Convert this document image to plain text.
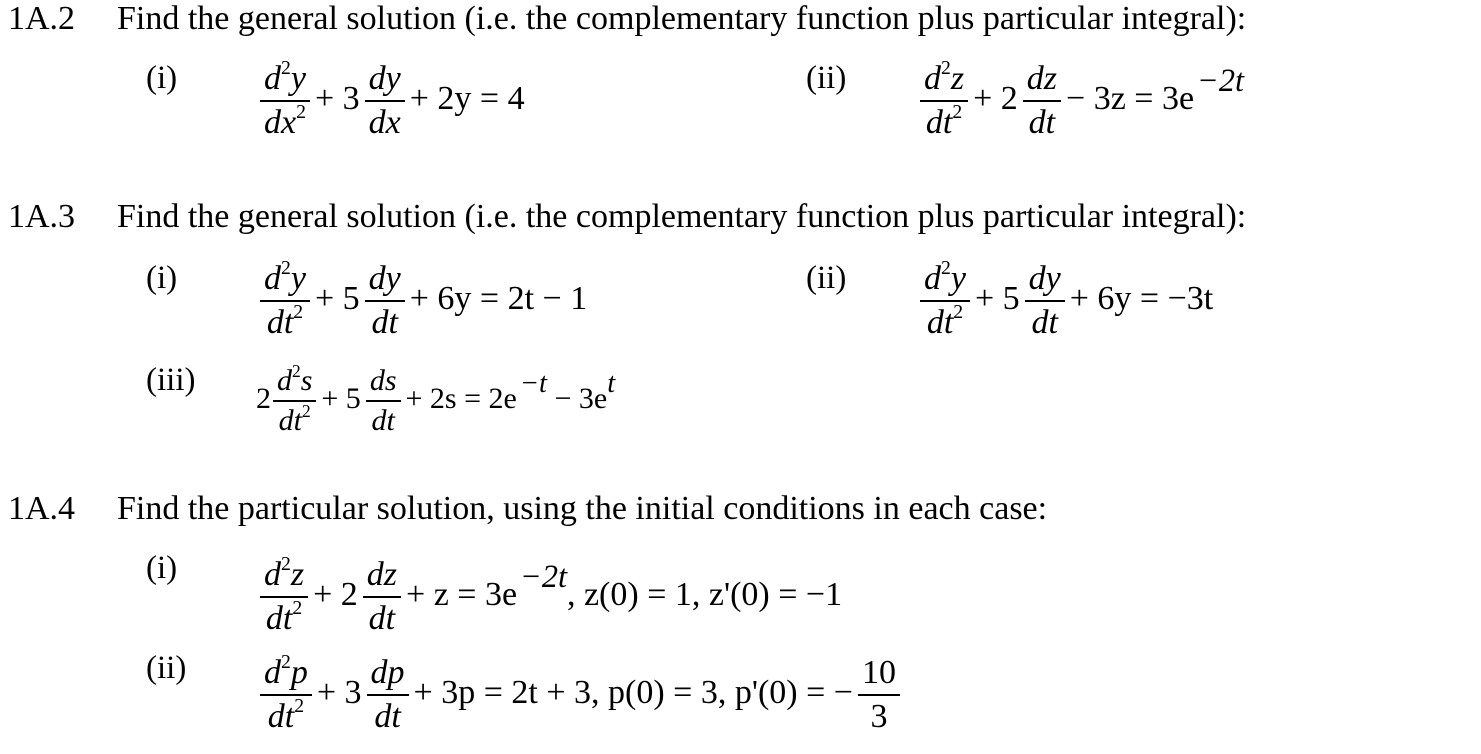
1A.2 Find the general solution (i.e. the complementary function plus particular integral):
$(i) \frac{d^2y}{dx^2} + 3 \frac{dy}{dx} + 2y = 4$
$(ii) \frac{d^2z}{dt^2} + 2 \frac{dz}{dt} - 3z = 3e^{-2t}$
1A.3 Find the general solution (i.e. the complementary function plus particular integral):
$(i) \frac{d^2y}{dt^2} + 5 \frac{dy}{dt} + 6y = 2t - 1$
$(ii) \frac{d^2y}{dt^2} + 5 \frac{dy}{dt} + 6y = -3t$
(iii)
$2 \frac{d^2s}{dt^2} + 5 \frac{ds}{dt} + 2s = 2e$ $^{-t} - 3e^t$
1A.4 Find the particular solution, using the initial conditions in each case:
$(i) \frac{d^2z}{dt^2} + 2 \frac{dz}{dt} + z = 3e^{-2t}$, z(0) = 1, z'(0) = −1
$(ii) \frac{d^2p}{dt^2} + 3 \frac{dp}{dt} + 3p = 2t + 3$, p(0) = 3, p'(0) = − $\frac{10}{3}$
